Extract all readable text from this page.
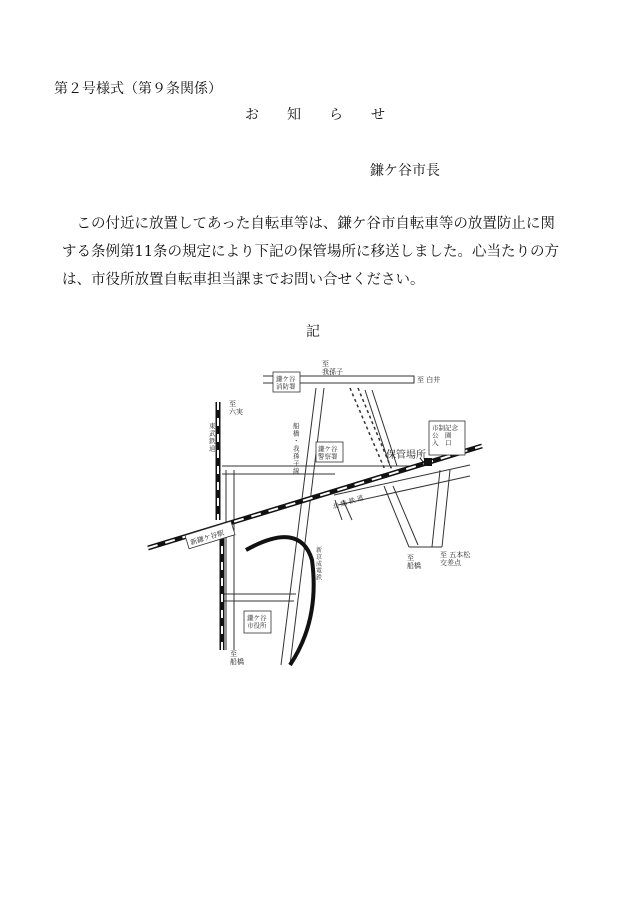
第２号様式（第９条関係）
お　　知　　ら　　せ
鎌ケ谷市長

　この付近に放置してあった自転車等は、鎌ケ谷市自転車等の放置防止に関

する条例第11条の規定により下記の保管場所に移送しました。心当たりの方

は、市役所放置自転車担当課までお問い合せください。

記
至我孫子
至 白井
鎌ケ谷消防署
至六実
東武鉄道
船橋・我孫子線
鎌ケ谷警察署	保管場所
市制記念公　園入　口
北 総 鉄 道
新鎌ケ谷駅
新京成電鉄
至船橋
至 五本松交差点
鎌ケ谷市役所
至船橋
